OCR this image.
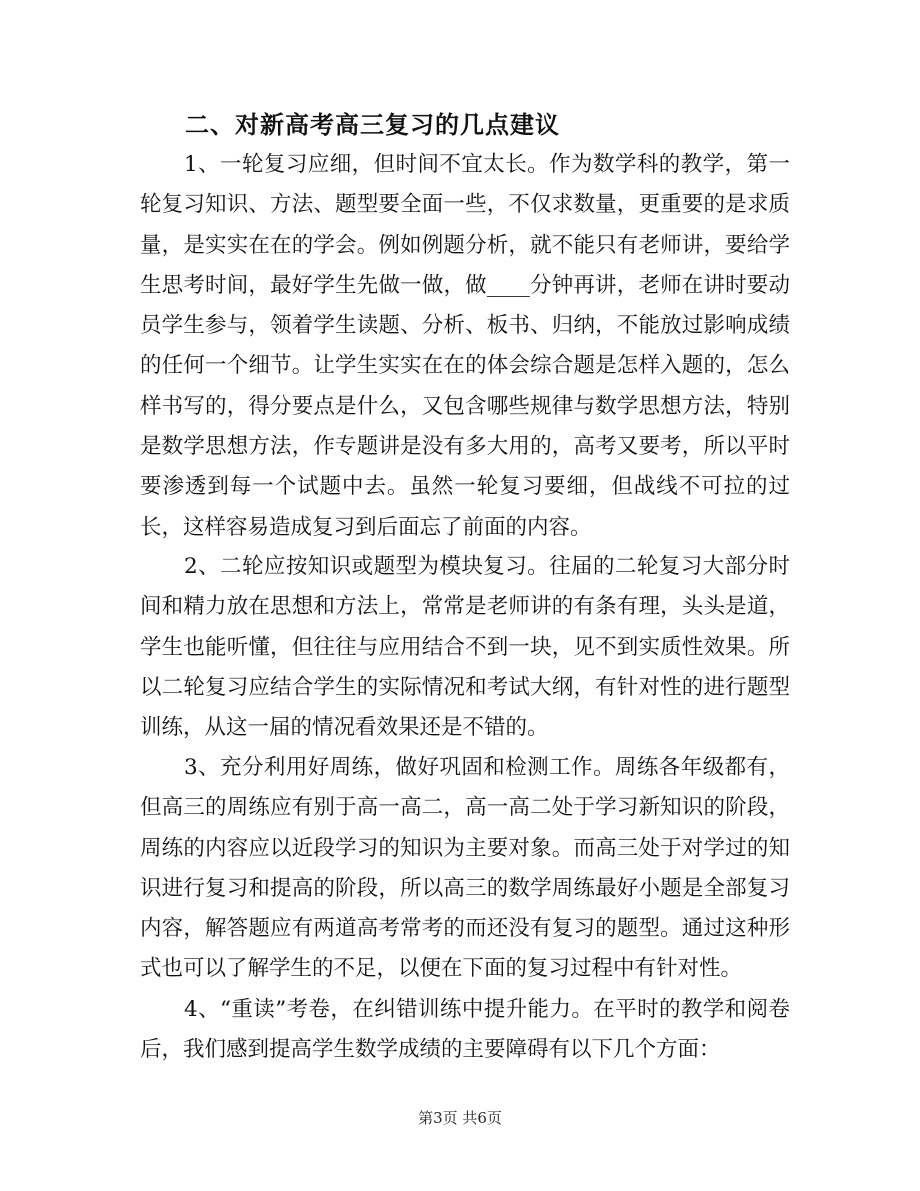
二、对新高考高三复习的几点建议

1、一轮复习应细，但时间不宜太长。作为数学科的教学，第一轮复习知识、方法、题型要全面一些，不仅求数量，更重要的是求质量，是实实在在的学会。例如例题分析，就不能只有老师讲，要给学生思考时间，最好学生先做一做，做____分钟再讲，老师在讲时要动员学生参与，领着学生读题、分析、板书、归纳，不能放过影响成绩的任何一个细节。让学生实实在在的体会综合题是怎样入题的，怎么样书写的，得分要点是什么，又包含哪些规律与数学思想方法，特别是数学思想方法，作专题讲是没有多大用的，高考又要考，所以平时要渗透到每一个试题中去。虽然一轮复习要细，但战线不可拉的过长，这样容易造成复习到后面忘了前面的内容。

2、二轮应按知识或题型为模块复习。往届的二轮复习大部分时间和精力放在思想和方法上，常常是老师讲的有条有理，头头是道，学生也能听懂，但往往与应用结合不到一块，见不到实质性效果。所以二轮复习应结合学生的实际情况和考试大纲，有针对性的进行题型训练，从这一届的情况看效果还是不错的。

3、充分利用好周练，做好巩固和检测工作。周练各年级都有，但高三的周练应有别于高一高二，高一高二处于学习新知识的阶段，周练的内容应以近段学习的知识为主要对象。而高三处于对学过的知识进行复习和提高的阶段，所以高三的数学周练最好小题是全部复习内容，解答题应有两道高考常考的而还没有复习的题型。通过这种形式也可以了解学生的不足，以便在下面的复习过程中有针对性。

4、“重读”考卷，在纠错训练中提升能力。在平时的教学和阅卷后，我们感到提高学生数学成绩的主要障碍有以下几个方面：

第3页 共6页
